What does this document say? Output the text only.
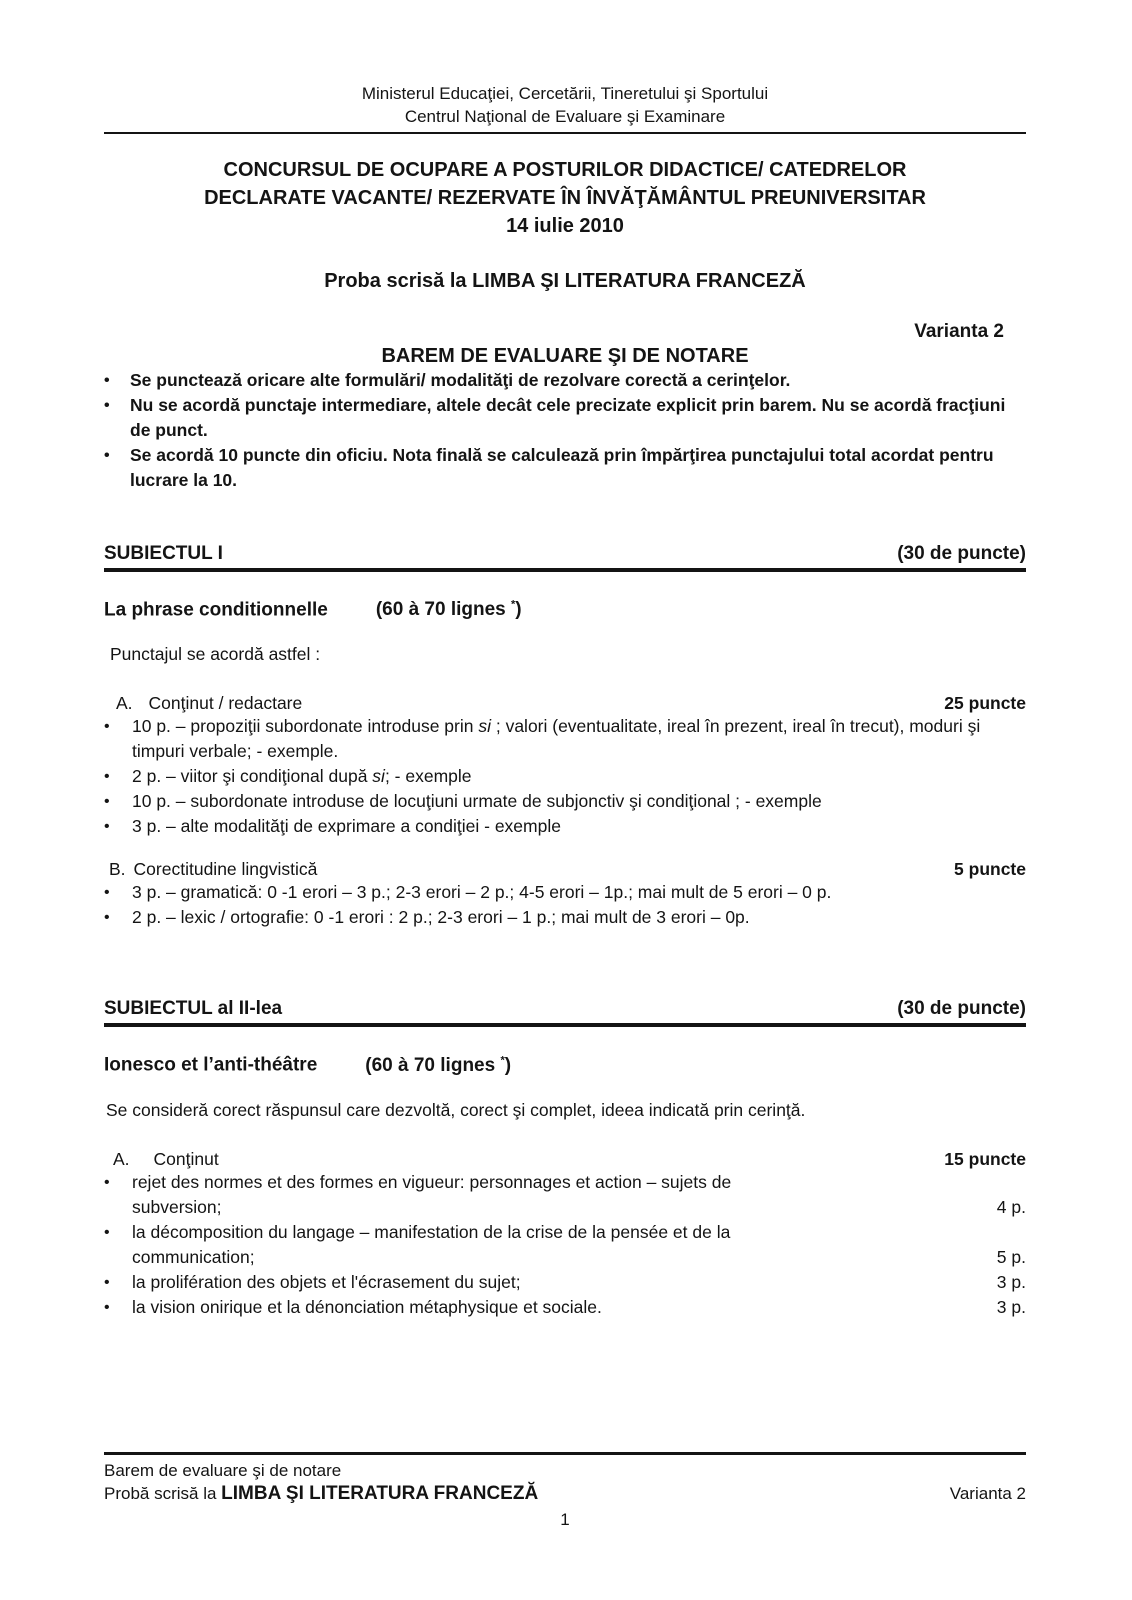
Ministerul Educaţiei, Cercetării, Tineretului şi Sportului
Centrul Naţional de Evaluare şi Examinare
CONCURSUL DE OCUPARE A POSTURILOR DIDACTICE/ CATEDRELOR
DECLARATE VACANTE/ REZERVATE ÎN ÎNVĂŢĂMÂNTUL PREUNIVERSITAR
14 iulie 2010
Proba scrisă la LIMBA ŞI LITERATURA FRANCEZĂ
Varianta 2
BAREM DE EVALUARE ŞI DE NOTARE
•	Se punctează oricare alte formulări/ modalităţi de rezolvare corectă a cerinţelor.
•	Nu se acordă punctaje intermediare, altele decât cele precizate explicit prin barem. Nu se acordă fracţiuni de punct.
•	Se acordă 10 puncte din oficiu. Nota finală se calculează prin împărţirea punctajului total acordat pentru lucrare la 10.
SUBIECTUL I	(30 de puncte)
La phrase conditionnelle	(60 à 70 lignes *)
Punctajul se acordă astfel :
A. Conţinut / redactare	25 puncte
•	10 p. – propoziţii subordonate introduse prin si ; valori (eventualitate, ireal în prezent, ireal în trecut), moduri şi timpuri verbale; - exemple.
•	2 p. – viitor şi condiţional după si; - exemple
•	10 p. – subordonate introduse de locuţiuni urmate de subjonctiv şi condiţional ; - exemple
•	3 p. – alte modalităţi de exprimare a condiţiei - exemple
B. Corectitudine lingvistică	5 puncte
•	3 p. – gramatică: 0 -1 erori – 3 p.; 2-3 erori – 2 p.; 4-5 erori – 1p.; mai mult de 5 erori – 0 p.
•	2 p. – lexic / ortografie: 0 -1 erori : 2 p.; 2-3 erori – 1 p.; mai mult de 3 erori – 0p.
SUBIECTUL al II-lea	(30 de puncte)
Ionesco et l’anti-théâtre	(60 à 70 lignes *)
Se consideră corect răspunsul care dezvoltă, corect şi complet, ideea indicată prin cerinţă.
A. Conţinut	15 puncte
•	rejet des normes et des formes en vigueur: personnages et action – sujets de subversion;	4 p.
•	la décomposition du langage – manifestation de la crise de la pensée et de la communication;	5 p.
•	la prolifération des objets et l'écrasement du sujet;	3 p.
•	la vision onirique et la dénonciation métaphysique et sociale.	3 p.
Barem de evaluare şi de notare
Probă scrisă la LIMBA ŞI LITERATURA FRANCEZĂ	Varianta 2
1
